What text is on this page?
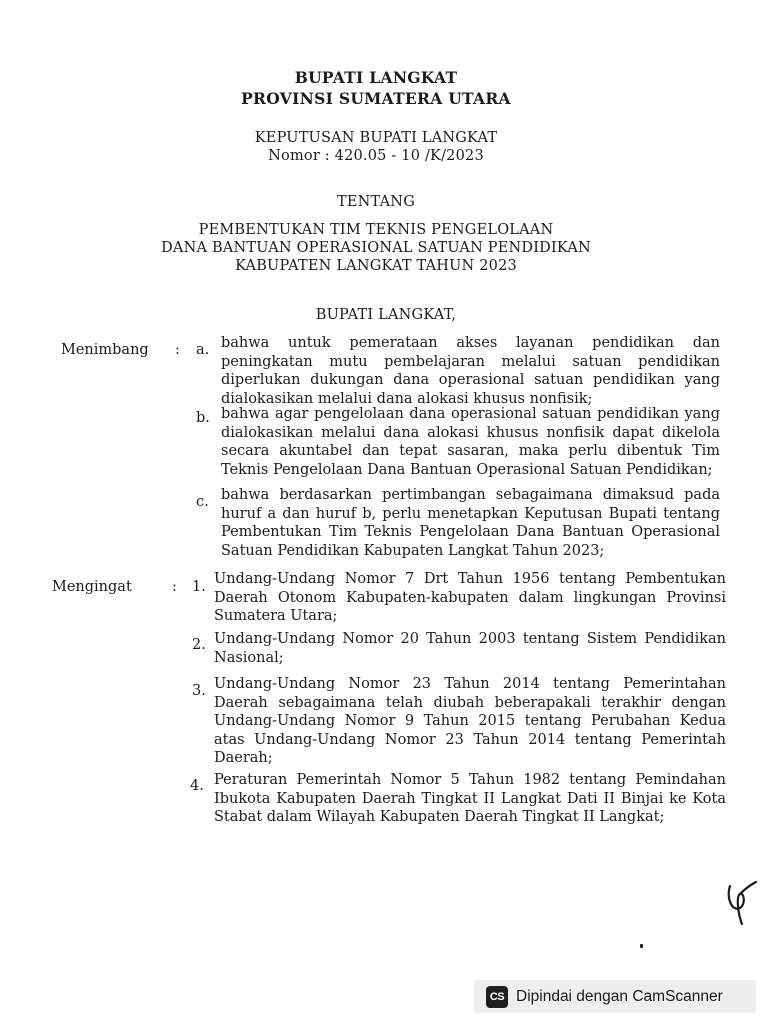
BUPATI LANGKAT
PROVINSI SUMATERA UTARA
KEPUTUSAN BUPATI LANGKAT
Nomor : 420.05 - 10 /K/2023
TENTANG
PEMBENTUKAN TIM TEKNIS PENGELOLAAN
DANA BANTUAN OPERASIONAL SATUAN PENDIDIKAN
KABUPATEN LANGKAT TAHUN 2023
BUPATI LANGKAT,
Menimbang : a. bahwa untuk pemerataan akses layanan pendidikan dan peningkatan mutu pembelajaran melalui satuan pendidikan diperlukan dukungan dana operasional satuan pendidikan yang dialokasikan melalui dana alokasi khusus nonfisik;
b. bahwa agar pengelolaan dana operasional satuan pendidikan yang dialokasikan melalui dana alokasi khusus nonfisik dapat dikelola secara akuntabel dan tepat sasaran, maka perlu dibentuk Tim Teknis Pengelolaan Dana Bantuan Operasional Satuan Pendidikan;
c. bahwa berdasarkan pertimbangan sebagaimana dimaksud pada huruf a dan huruf b, perlu menetapkan Keputusan Bupati tentang Pembentukan Tim Teknis Pengelolaan Dana Bantuan Operasional Satuan Pendidikan Kabupaten Langkat Tahun 2023;
Mengingat	: 1. Undang-Undang Nomor 7 Drt Tahun 1956 tentang Pembentukan Daerah Otonom Kabupaten-kabupaten dalam lingkungan Provinsi Sumatera Utara;
2. Undang-Undang Nomor 20 Tahun 2003 tentang Sistem Pendidikan Nasional;
3. Undang-Undang Nomor 23 Tahun 2014 tentang Pemerintahan Daerah sebagaimana telah diubah beberapakali terakhir dengan Undang-Undang Nomor 9 Tahun 2015 tentang Perubahan Kedua atas Undang-Undang Nomor 23 Tahun 2014 tentang Pemerintah Daerah;
4. Peraturan Pemerintah Nomor 5 Tahun 1982 tentang Pemindahan Ibukota Kabupaten Daerah Tingkat II Langkat Dati II Binjai ke Kota Stabat dalam Wilayah Kabupaten Daerah Tingkat II Langkat;
CS Dipindai dengan CamScanner
